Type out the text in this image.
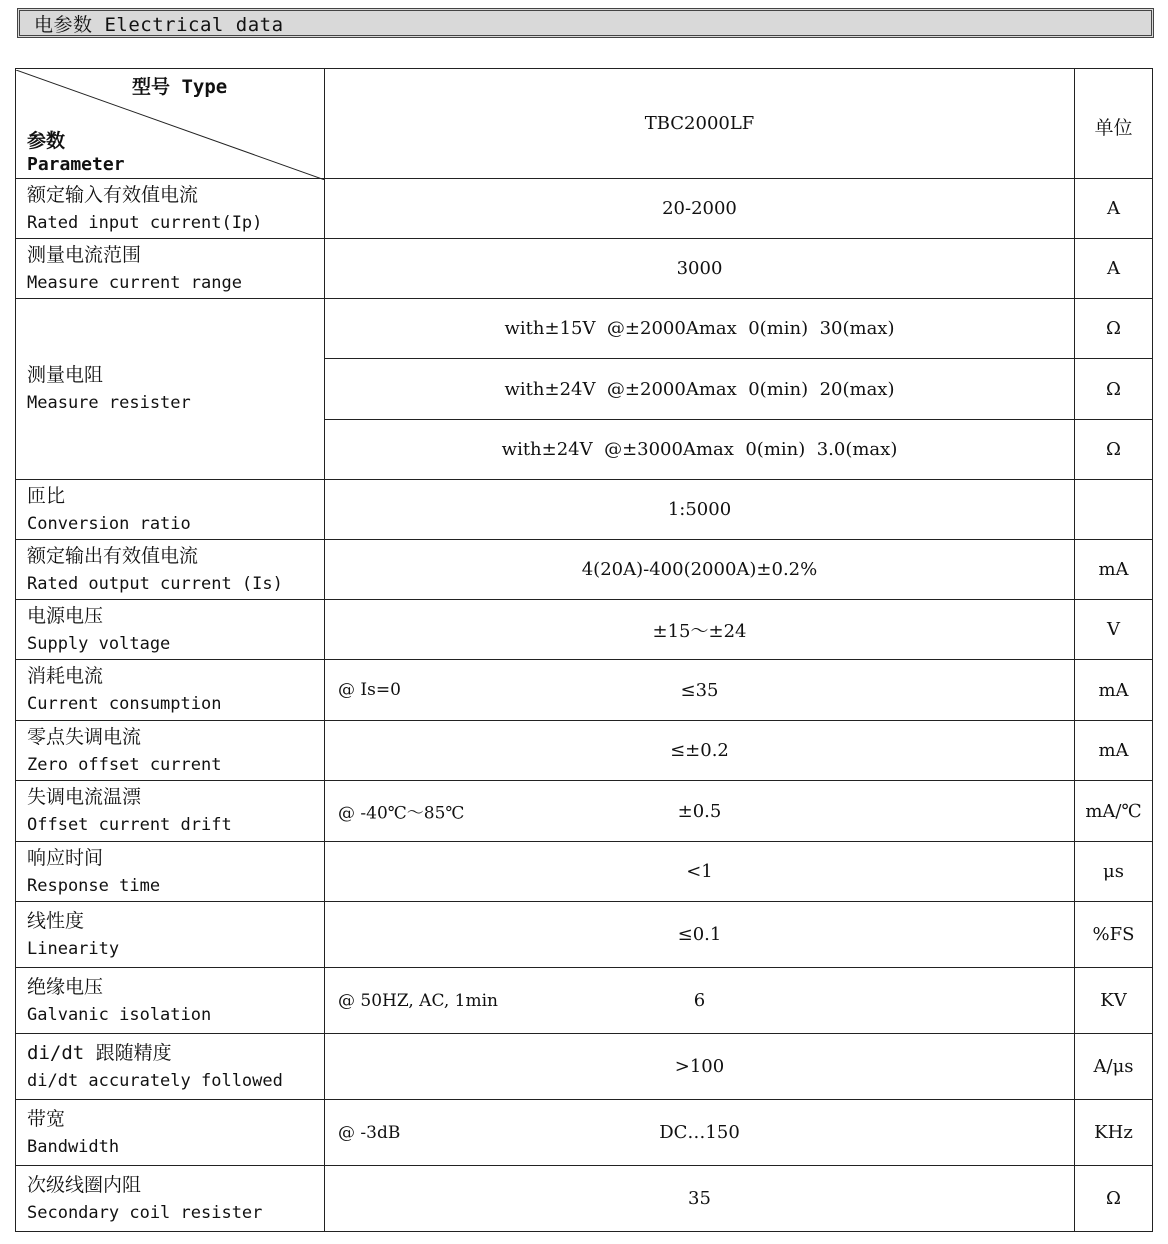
电参数 Electrical data
型号 Type
参数
Parameter	TBC2000LF	单位

额定输入有效值电流
Rated input current(Ip)	20-2000	A

测量电流范围
Measure current range	3000	A

测量电阻
Measure resister	with±15V  @±2000Amax  0(min)  30(max)	Ω
	with±24V  @±2000Amax  0(min)  20(max)	Ω
	with±24V  @±3000Amax  0(min)  3.0(max)	Ω

匝比
Conversion ratio	1:5000	

额定输出有效值电流
Rated output current (Is)	4(20A)-400(2000A)±0.2%	mA

电源电压
Supply voltage	±15～±24	V

消耗电流
Current consumption	@ Is=0 ≤35	mA

零点失调电流
Zero offset current	≤±0.2	mA

失调电流温漂
Offset current drift	@ -40℃～85℃ ±0.5	mA/℃

响应时间
Response time	<1	μs

线性度
Linearity	≤0.1	%FS

绝缘电压
Galvanic isolation	@ 50HZ, AC, 1min 6	KV

di/dt 跟随精度
di/dt accurately followed	>100	A/μs

带宽
Bandwidth	@ -3dB DC…150	KHz

次级线圈内阻
Secondary coil resister	35	Ω
